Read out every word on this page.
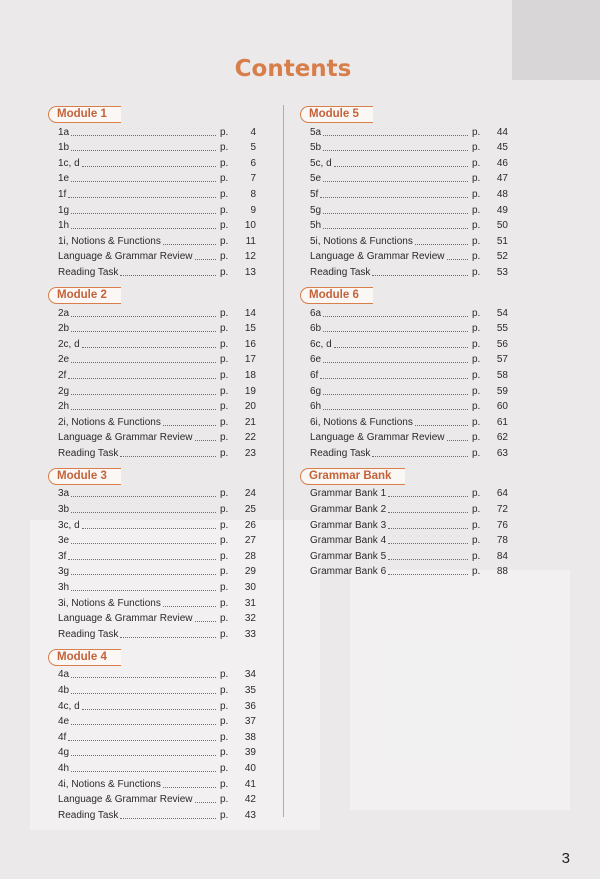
Contents
Module 1
1a	p.	4
1b	p.	5
1c, d	p.	6
1e	p.	7
1f	p.	8
1g	p.	9
1h	p.	10
1i, Notions & Functions	p.	11
Language & Grammar Review	p.	12
Reading Task	p.	13
Module 2
2a	p.	14
2b	p.	15
2c, d	p.	16
2e	p.	17
2f	p.	18
2g	p.	19
2h	p.	20
2i, Notions & Functions	p.	21
Language & Grammar Review	p.	22
Reading Task	p.	23
Module 3
3a	p.	24
3b	p.	25
3c, d	p.	26
3e	p.	27
3f	p.	28
3g	p.	29
3h	p.	30
3i, Notions & Functions	p.	31
Language & Grammar Review	p.	32
Reading Task	p.	33
Module 4
4a	p.	34
4b	p.	35
4c, d	p.	36
4e	p.	37
4f	p.	38
4g	p.	39
4h	p.	40
4i, Notions & Functions	p.	41
Language & Grammar Review	p.	42
Reading Task	p.	43
Module 5
5a	p.	44
5b	p.	45
5c, d	p.	46
5e	p.	47
5f	p.	48
5g	p.	49
5h	p.	50
5i, Notions & Functions	p.	51
Language & Grammar Review	p.	52
Reading Task	p.	53
Module 6
6a	p.	54
6b	p.	55
6c, d	p.	56
6e	p.	57
6f	p.	58
6g	p.	59
6h	p.	60
6i, Notions & Functions	p.	61
Language & Grammar Review	p.	62
Reading Task	p.	63
Grammar Bank
Grammar Bank 1	p.	64
Grammar Bank 2	p.	72
Grammar Bank 3	p.	76
Grammar Bank 4	p.	78
Grammar Bank 5	p.	84
Grammar Bank 6	p.	88
3
